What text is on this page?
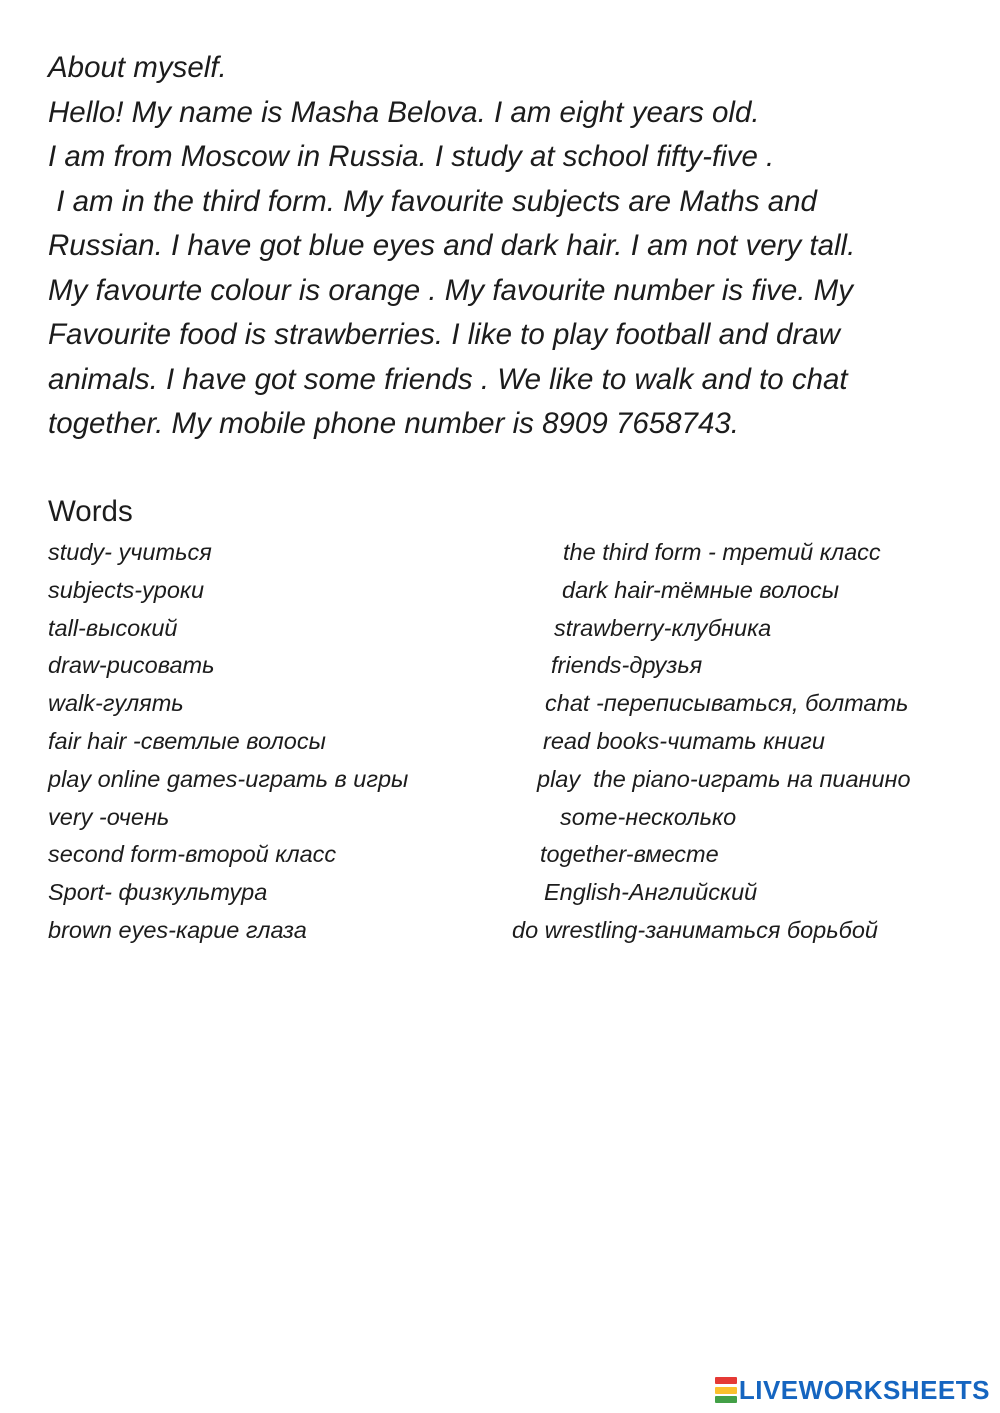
About myself.
Hello! My name is Masha Belova. I am eight years old.
I am from Moscow in Russia. I study at school fifty-five .
I am in the third form. My favourite subjects are Maths and
Russian. I have got blue eyes and dark hair. I am not very tall.
My favourte colour is orange . My favourite number is five. My
Favourite food is strawberries. I like to play football and draw
animals. I have got some friends . We like to walk and to chat
together. My mobile phone number is 8909 7658743.
Words
study- учиться	the third form - третий класс
subjects-уроки	dark hair-тёмные волосы
tall-высокий	strawberry-клубника
draw-рисовать	friends-друзья
walk-гулять	chat -переписываться, болтать
fair hair -светлые волосы	read books-читать книги
play online games-играть в игры	play  the piano-играть на пианино
very -очень	some-несколько
second form-второй класс	together-вместе
Sport- физкультура	English-Английский
brown eyes-карие глаза	do wrestling-заниматься борьбой
LIVEWORKSHEETS
